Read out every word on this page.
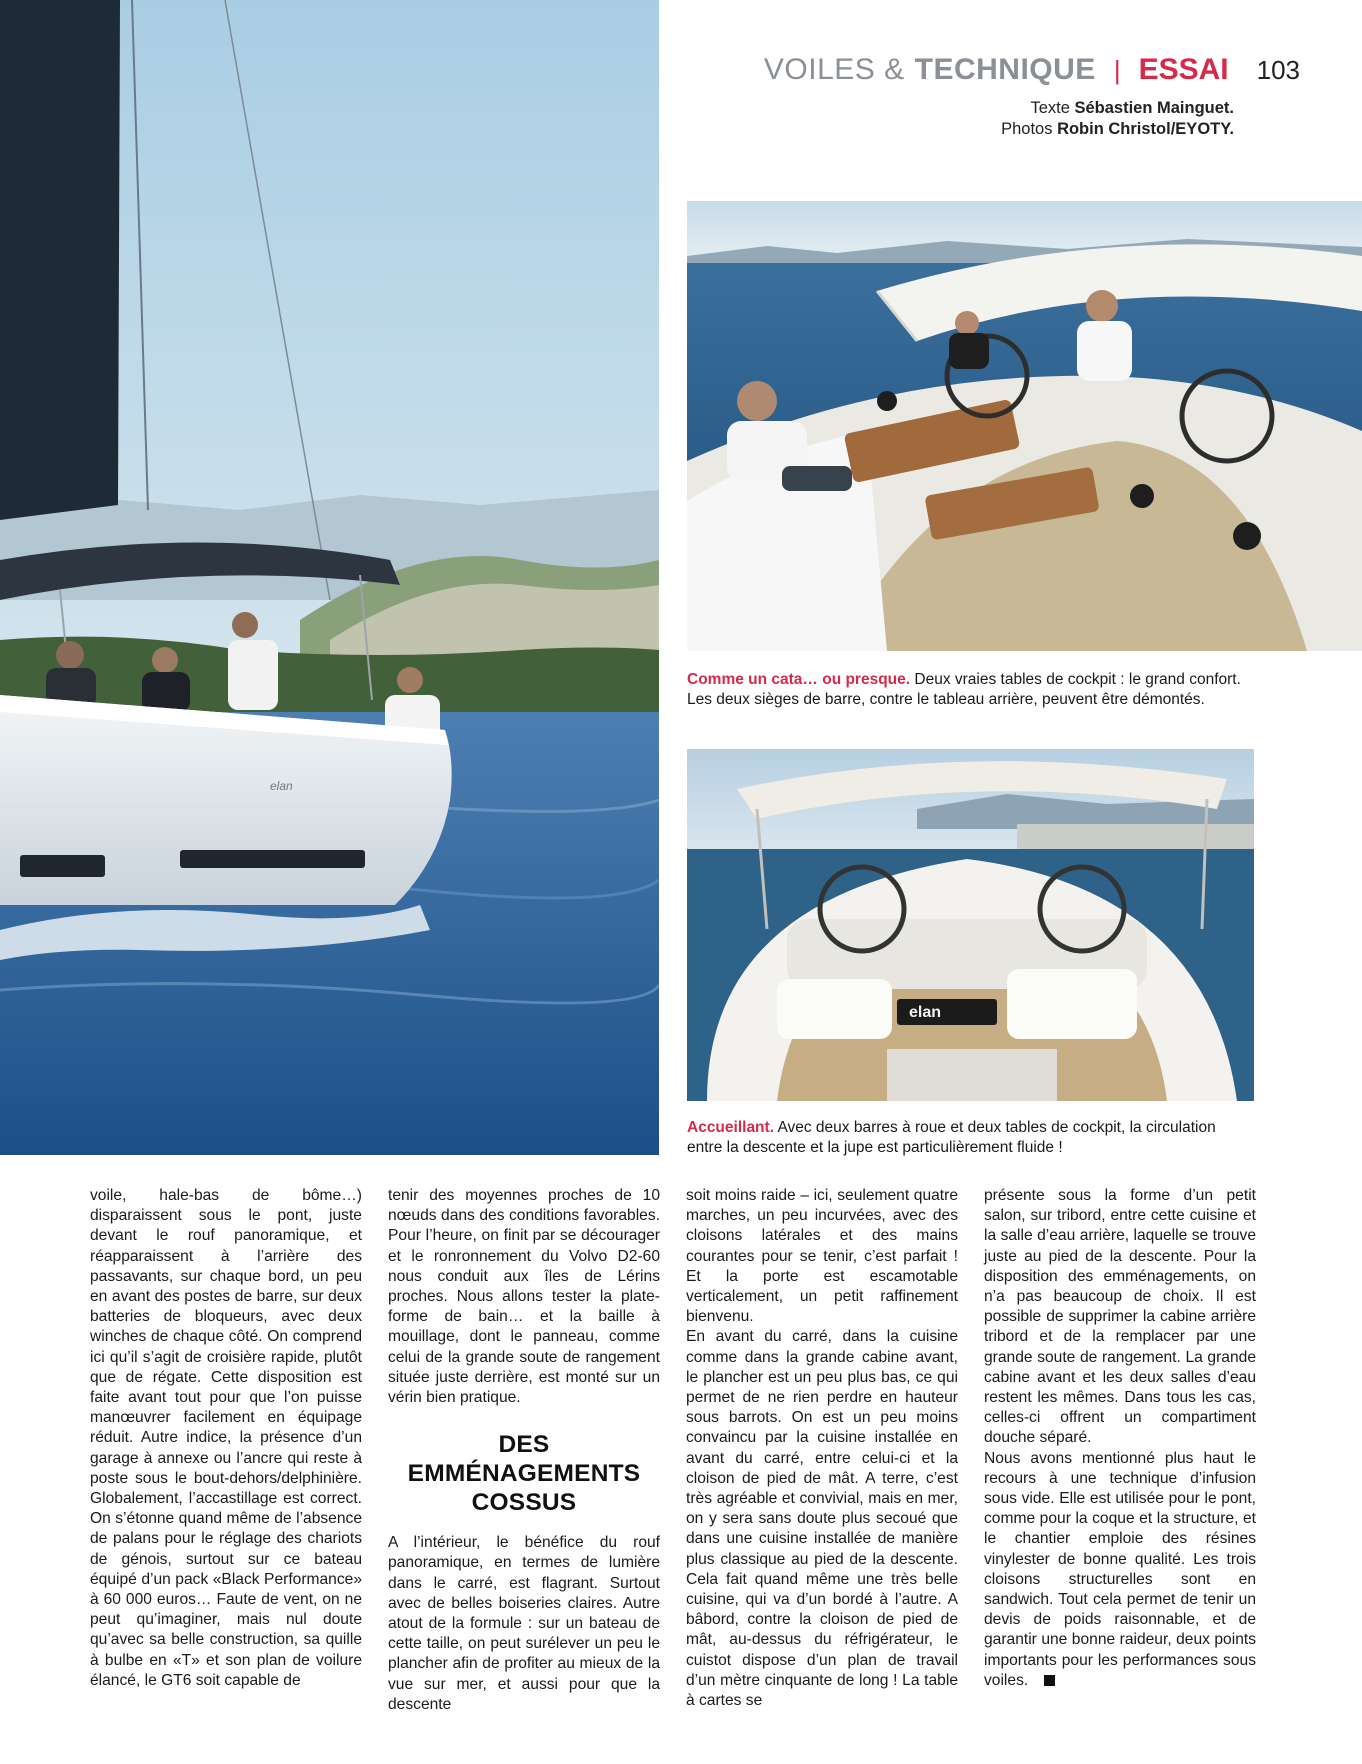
VOILES & TECHNIQUE | ESSAI 103
Texte Sébastien Mainguet.
Photos Robin Christol/EYOTY.
elan
Comme un cata… ou presque. Deux vraies tables de cockpit : le grand confort. Les deux sièges de barre, contre le tableau arrière, peuvent être démontés.
elan
Accueillant. Avec deux barres à roue et deux tables de cockpit, la circulation entre la descente et la jupe est particulièrement fluide !

voile, hale-bas de bôme…) disparaissent sous le pont, juste devant le rouf panoramique, et réapparaissent à l’arrière des passavants, sur chaque bord, un peu en avant des postes de barre, sur deux batteries de bloqueurs, avec deux winches de chaque côté. On comprend ici qu’il s’agit de croisière rapide, plutôt que de régate. Cette disposition est faite avant tout pour que l’on puisse manœuvrer facilement en équipage réduit. Autre indice, la présence d’un garage à annexe ou l’ancre qui reste à poste sous le bout-dehors/delphinière. Globalement, l’accastillage est correct. On s’étonne quand même de l’absence de palans pour le réglage des chariots de génois, surtout sur ce bateau équipé d’un pack «Black Performance» à 60 000 euros… Faute de vent, on ne peut qu’imaginer, mais nul doute qu’avec sa belle construction, sa quille à bulbe en «T» et son plan de voilure élancé, le GT6 soit capable de

tenir des moyennes proches de 10 nœuds dans des conditions favorables. Pour l’heure, on finit par se décourager et le ronronnement du Volvo D2-60 nous conduit aux îles de Lérins proches. Nous allons tester la plate-forme de bain… et la baille à mouillage, dont le panneau, comme celui de la grande soute de rangement située juste derrière, est monté sur un vérin bien pratique.

DES EMMÉNAGEMENTS COSSUS

A l’intérieur, le bénéfice du rouf panoramique, en termes de lumière dans le carré, est flagrant. Surtout avec de belles boiseries claires. Autre atout de la formule : sur un bateau de cette taille, on peut surélever un peu le plancher afin de profiter au mieux de la vue sur mer, et aussi pour que la descente

soit moins raide – ici, seulement quatre marches, un peu incurvées, avec des cloisons latérales et des mains courantes pour se tenir, c’est parfait ! Et la porte est escamotable verticalement, un petit raffinement bienvenu.

En avant du carré, dans la cuisine comme dans la grande cabine avant, le plancher est un peu plus bas, ce qui permet de ne rien perdre en hauteur sous barrots. On est un peu moins convaincu par la cuisine installée en avant du carré, entre celui-ci et la cloison de pied de mât. A terre, c’est très agréable et convivial, mais en mer, on y sera sans doute plus secoué que dans une cuisine installée de manière plus classique au pied de la descente. Cela fait quand même une très belle cuisine, qui va d’un bordé à l’autre. A bâbord, contre la cloison de pied de mât, au-dessus du réfrigérateur, le cuistot dispose d’un plan de travail d’un mètre cinquante de long ! La table à cartes se

présente sous la forme d’un petit salon, sur tribord, entre cette cuisine et la salle d’eau arrière, laquelle se trouve juste au pied de la descente. Pour la disposition des emménagements, on n’a pas beaucoup de choix. Il est possible de supprimer la cabine arrière tribord et de la remplacer par une grande soute de rangement. La grande cabine avant et les deux salles d’eau restent les mêmes. Dans tous les cas, celles-ci offrent un compartiment douche séparé.

Nous avons mentionné plus haut le recours à une technique d’infusion sous vide. Elle est utilisée pour le pont, comme pour la coque et la structure, et le chantier emploie des résines vinylester de bonne qualité. Les trois cloisons structurelles sont en sandwich. Tout cela permet de tenir un devis de poids raisonnable, et de garantir une bonne raideur, deux points importants pour les performances sous voiles.
